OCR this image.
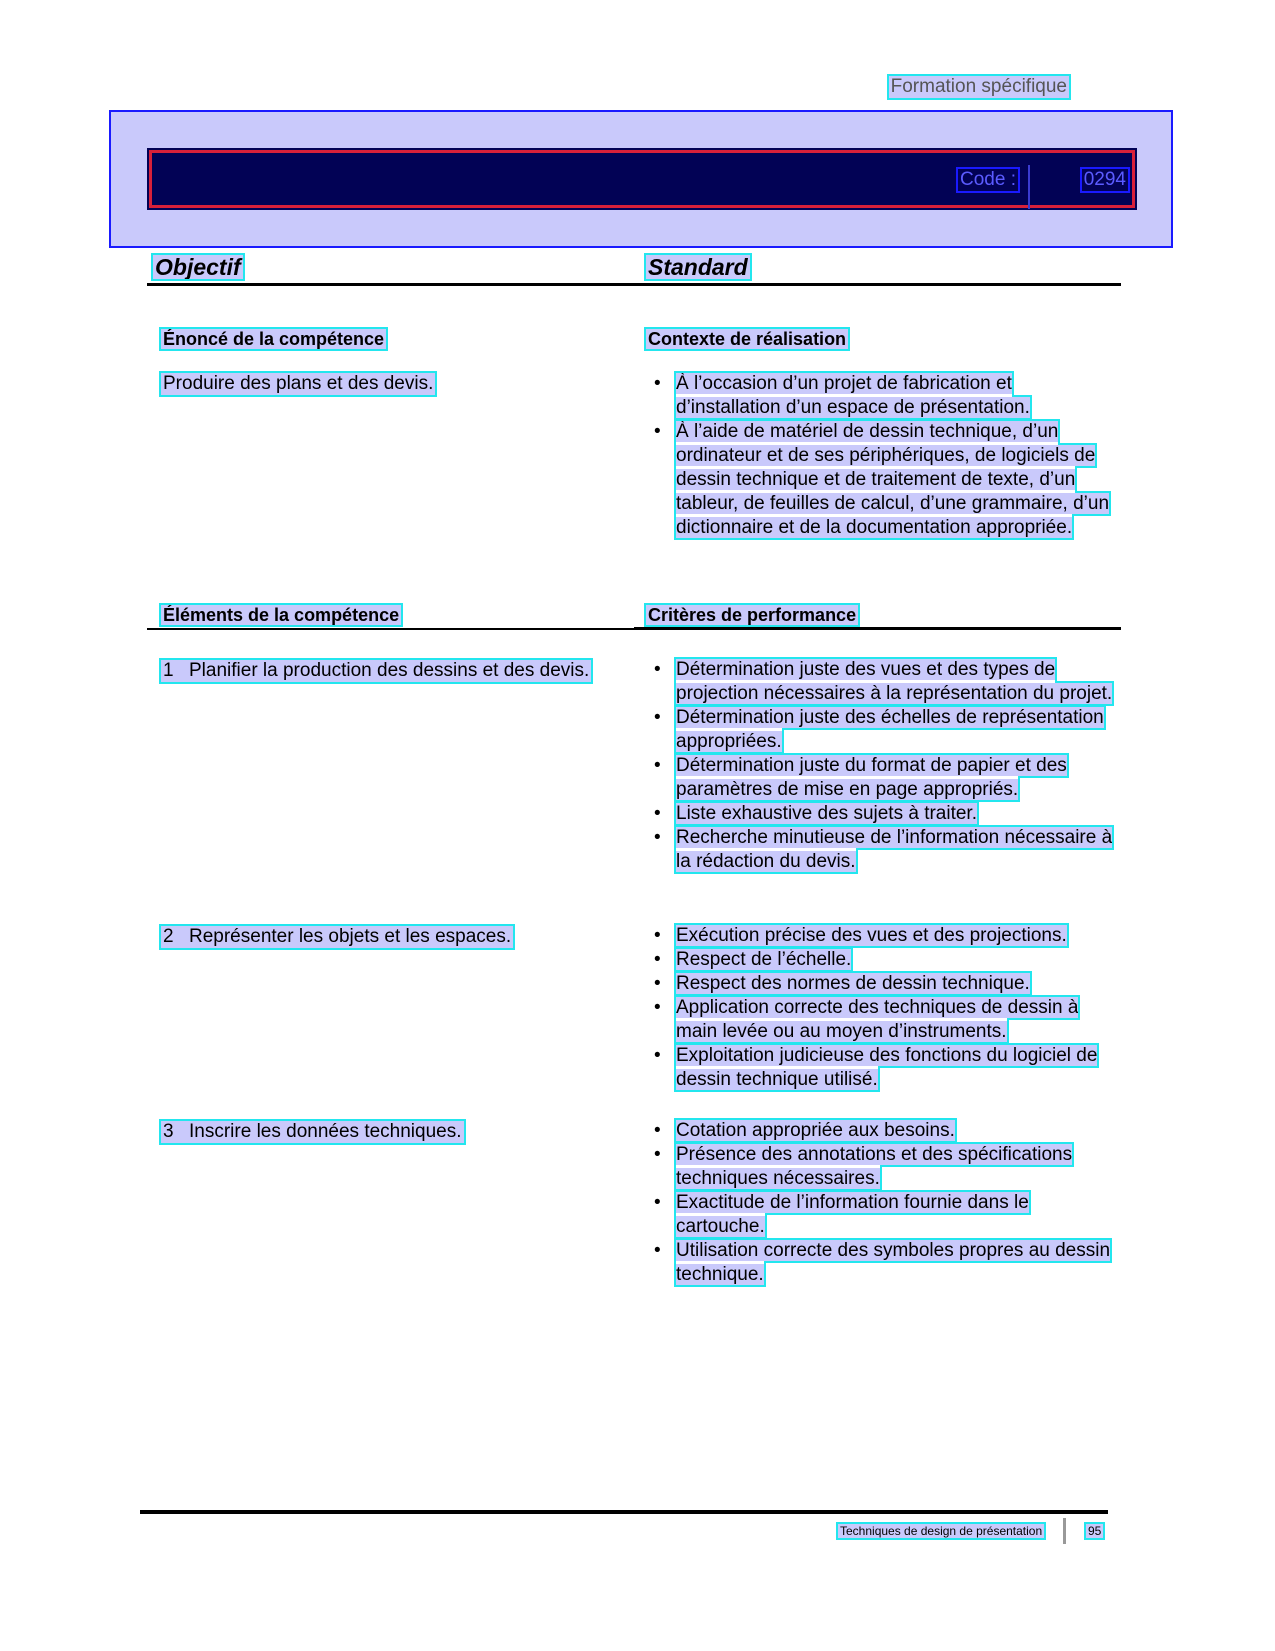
Formation spécifique
Code :	0294
Objectif	Standard
Énoncé de la compétence	Contexte de réalisation
Produire des plans et des devis.	• À l’occasion d’un projet de fabrication et d’installation d’un espace de présentation.
• À l’aide de matériel de dessin technique, d’un ordinateur et de ses périphériques, de logiciels de dessin technique et de traitement de texte, d’un tableur, de feuilles de calcul, d’une grammaire, d’un dictionnaire et de la documentation appropriée.
Éléments de la compétence	Critères de performance
1 Planifier la production des dessins et des devis.	• Détermination juste des vues et des types de projection nécessaires à la représentation du projet.
• Détermination juste des échelles de représentation appropriées.
• Détermination juste du format de papier et des paramètres de mise en page appropriés.
• Liste exhaustive des sujets à traiter.
• Recherche minutieuse de l’information nécessaire à la rédaction du devis.
2 Représenter les objets et les espaces.	• Exécution précise des vues et des projections.
• Respect de l’échelle.
• Respect des normes de dessin technique.
• Application correcte des techniques de dessin à main levée ou au moyen d’instruments.
• Exploitation judicieuse des fonctions du logiciel de dessin technique utilisé.
3 Inscrire les données techniques.	• Cotation appropriée aux besoins.
• Présence des annotations et des spécifications techniques nécessaires.
• Exactitude de l’information fournie dans le cartouche.
• Utilisation correcte des symboles propres au dessin technique.
Techniques de design de présentation	95
